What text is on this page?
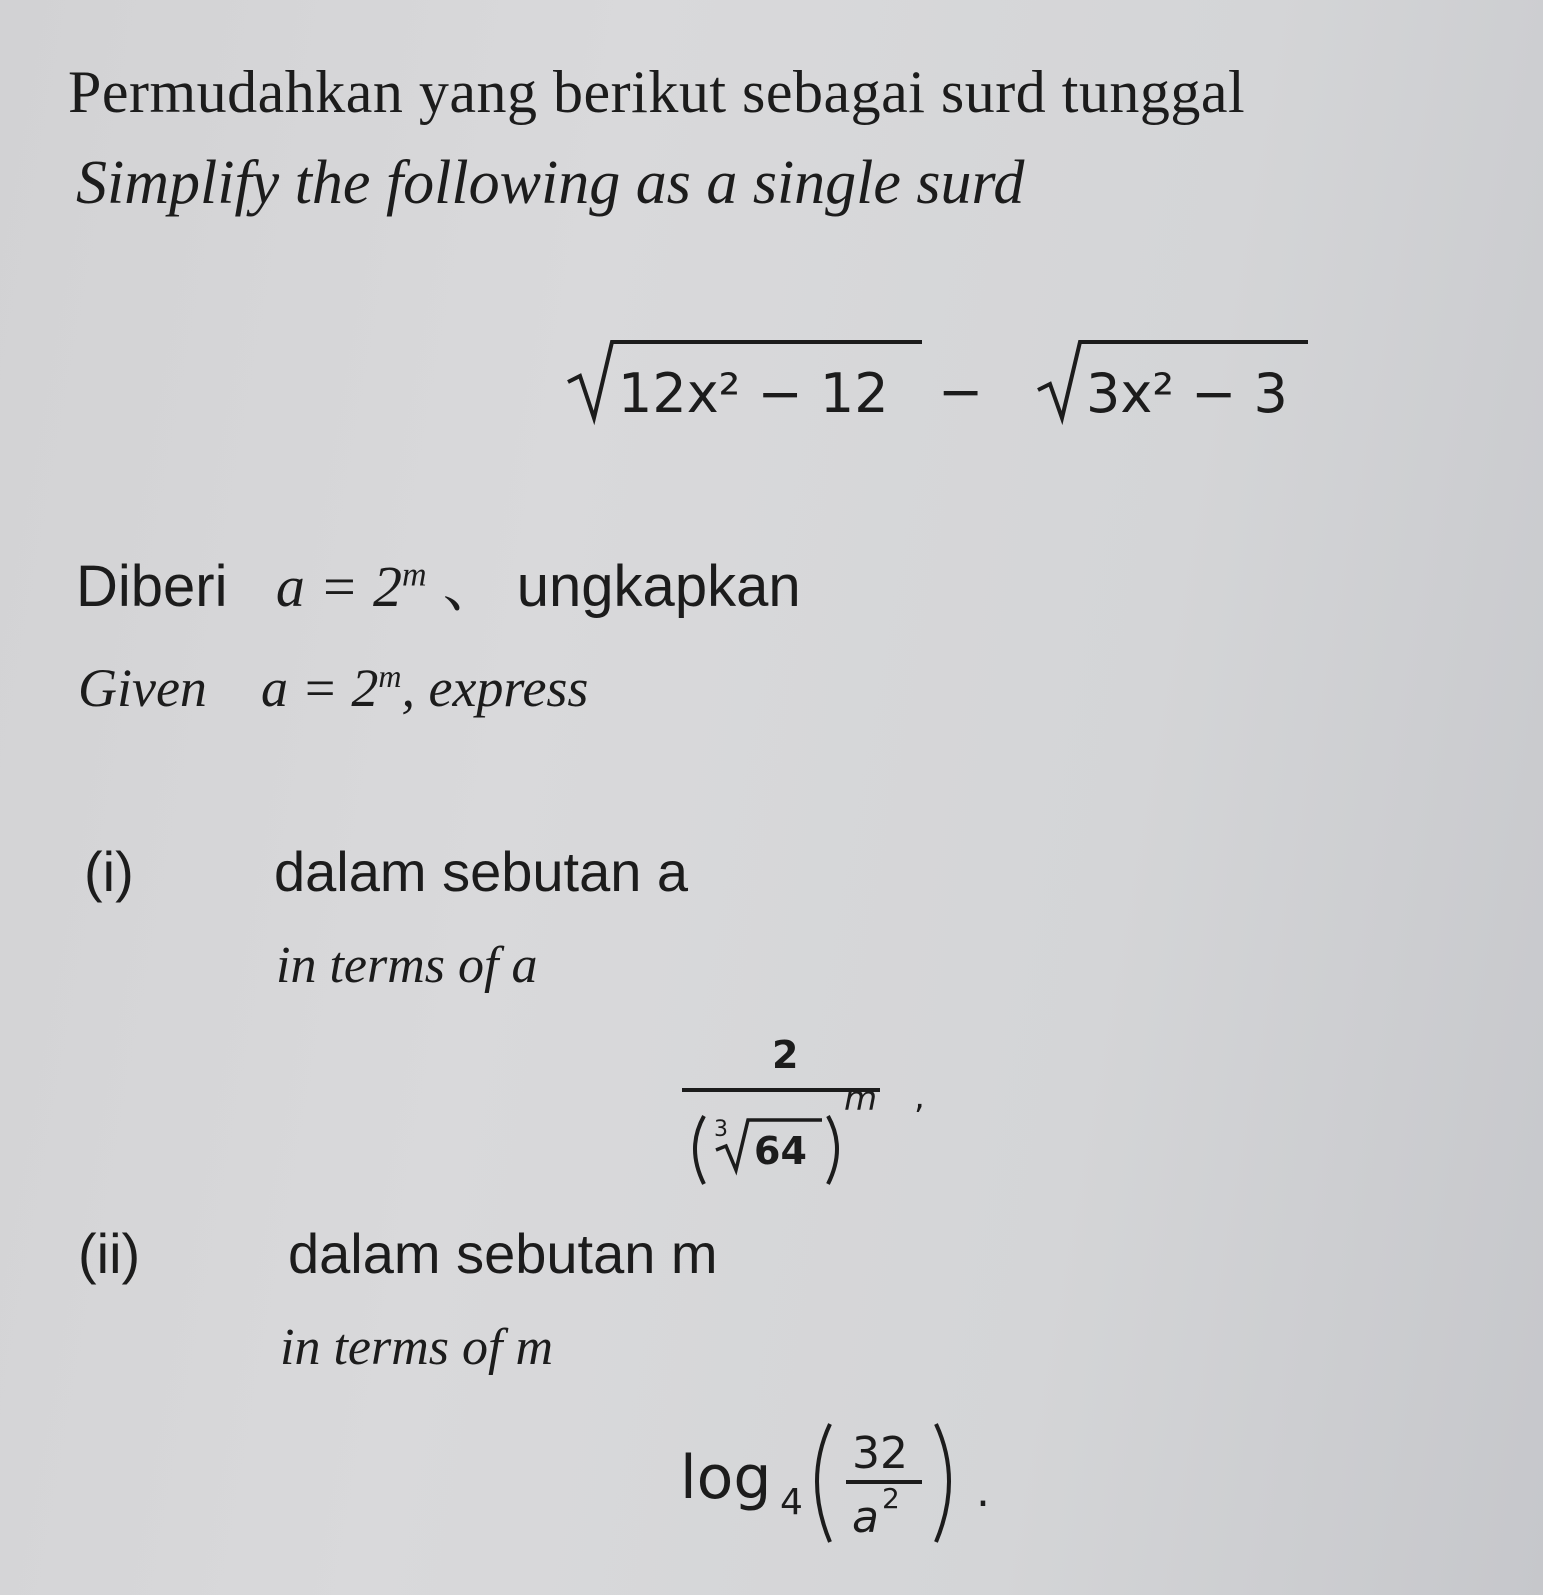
Permudahkan yang berikut sebagai surd tunggal
Simplify the following as a single surd
12x² − 12 − 3x² − 3
Diberi $a = 2^m$ 、 ungkapkan
Given $a = 2^m$, express
(i)	dalam sebutan a
in terms of a
2
3 64
m ,
(ii)	dalam sebutan m
in terms of m
log 4
32
a 2 .
